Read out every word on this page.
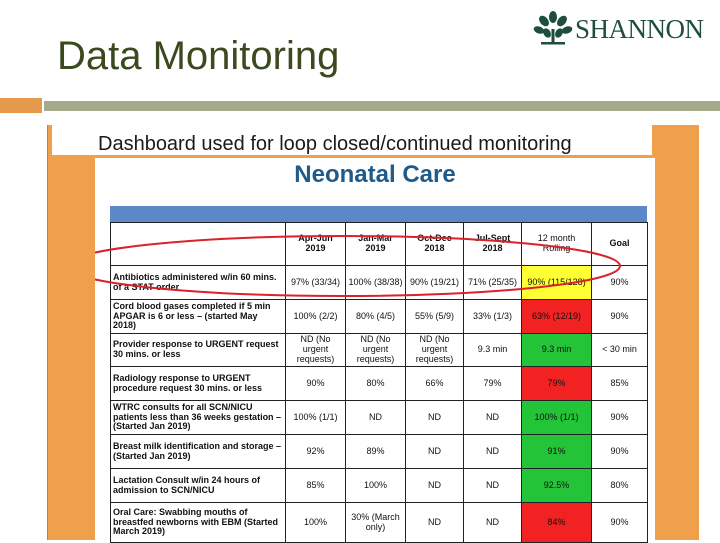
Data Monitoring
SHANNON
Dashboard used for loop closed/continued monitoring
Neonatal Care
	Apr-Jun 2019	Jan-Mar 2019	Oct-Dec 2018	Jul-Sept 2018	12 month Rolling	Goal
Antibiotics administered w/in 60 mins. of a STAT order	97% (33/34)	100% (38/38)	90% (19/21)	71% (25/35)	90% (115/128)	90%
Cord blood gases completed if 5 min APGAR is 6 or less – (started May 2018)	100% (2/2)	80% (4/5)	55% (5/9)	33% (1/3)	63% (12/19)	90%
Provider response to URGENT request 30 mins. or less	ND (No urgent requests)	ND (No urgent requests)	ND (No urgent requests)	9.3 min	9.3 min	< 30 min
Radiology response to URGENT procedure request 30 mins. or less	90%	80%	66%	79%	79%	85%
WTRC consults for all SCN/NICU patients less than 36 weeks gestation – (Started Jan 2019)	100% (1/1)	ND	ND	ND	100% (1/1)	90%
Breast milk identification and storage – (Started Jan 2019)	92%	89%	ND	ND	91%	90%
Lactation Consult w/in 24 hours of admission to SCN/NICU	85%	100%	ND	ND	92.5%	80%
Oral Care: Swabbing mouths of breastfed newborns with EBM (Started March 2019)	100%	30% (March only)	ND	ND	84%	90%
